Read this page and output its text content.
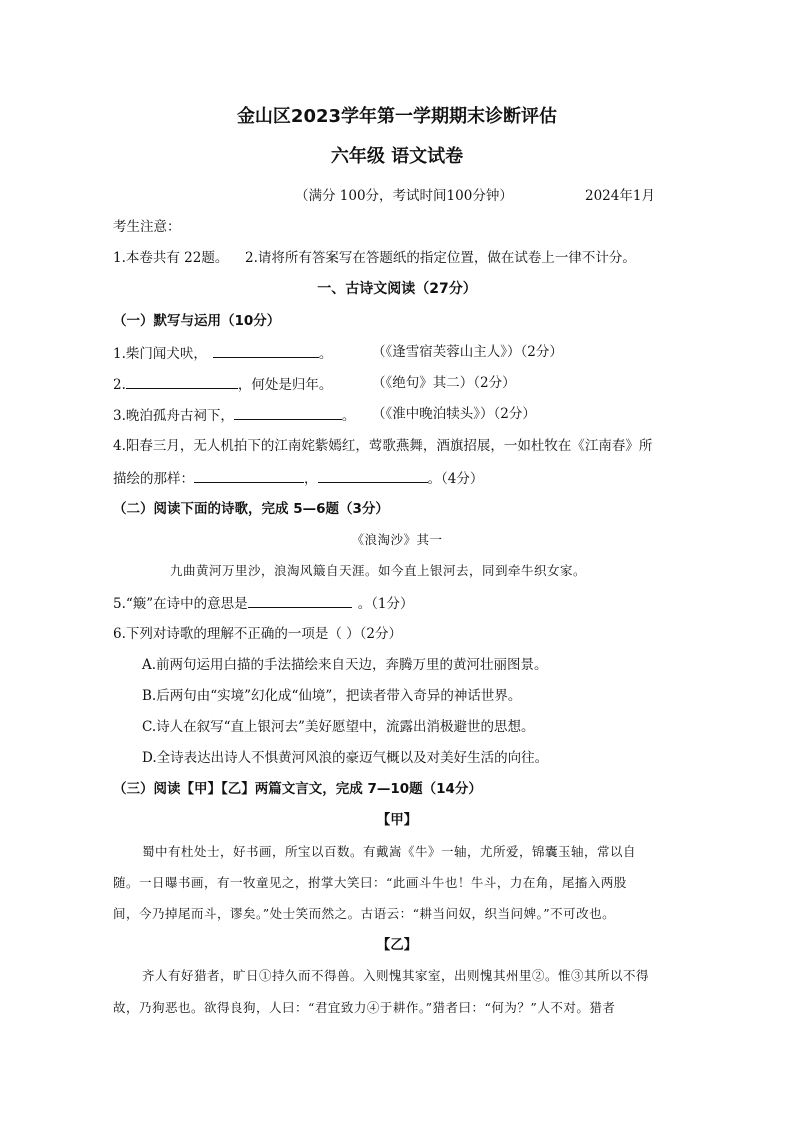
金山区2023学年第一学期期末诊断评估
六年级 语文试卷
（满分 100分，考试时间100分钟）	2024年1月
考生注意：
1.本卷共有 22题。 2.请将所有答案写在答题纸的指定位置，做在试卷上一律不计分。
一、古诗文阅读（27分）
（一）默写与运用（10分）
1.柴门闻犬吠，	。	（《逢雪宿芙蓉山主人》）（2分）
2.	，何处是归年。	（《绝句》其二）（2分）
3.晚泊孤舟古祠下，	。 （《淮中晚泊犊头》）（2分）
4.阳春三月，无人机拍下的江南姹紫嫣红，莺歌燕舞，酒旗招展，一如杜牧在《江南春》所
描绘的那样：	，	。（4分）
（二）阅读下面的诗歌，完成 5—6题（3分）
《浪淘沙》其一
九曲黄河万里沙，浪淘风簸自天涯。如今直上银河去，同到牵牛织女家。
5.“簸”在诗中的意思是	。（1分）
6.下列对诗歌的理解不正确的一项是（ ）（2分）
A.前两句运用白描的手法描绘来自天边，奔腾万里的黄河壮丽图景。
B.后两句由“实境”幻化成“仙境”，把读者带入奇异的神话世界。
C.诗人在叙写“直上银河去”美好愿望中，流露出消极避世的思想。
D.全诗表达出诗人不惧黄河风浪的豪迈气概以及对美好生活的向往。
（三）阅读【甲】【乙】两篇文言文，完成 7—10题（14分）
【甲】
蜀中有杜处士，好书画，所宝以百数。有戴嵩《牛》一轴，尤所爱，锦囊玉轴，常以自
随。一日曝书画，有一牧童见之，拊掌大笑曰：“此画斗牛也！牛斗，力在角，尾搐入两股
间，今乃掉尾而斗，谬矣。”处士笑而然之。古语云：“耕当问奴，织当问婢。”不可改也。
【乙】
齐人有好猎者，旷日①持久而不得兽。入则愧其家室，出则愧其州里②。惟③其所以不得
故，乃狗恶也。欲得良狗，人曰：“君宜致力④于耕作。”猎者曰：“何为？”人不对。猎者
